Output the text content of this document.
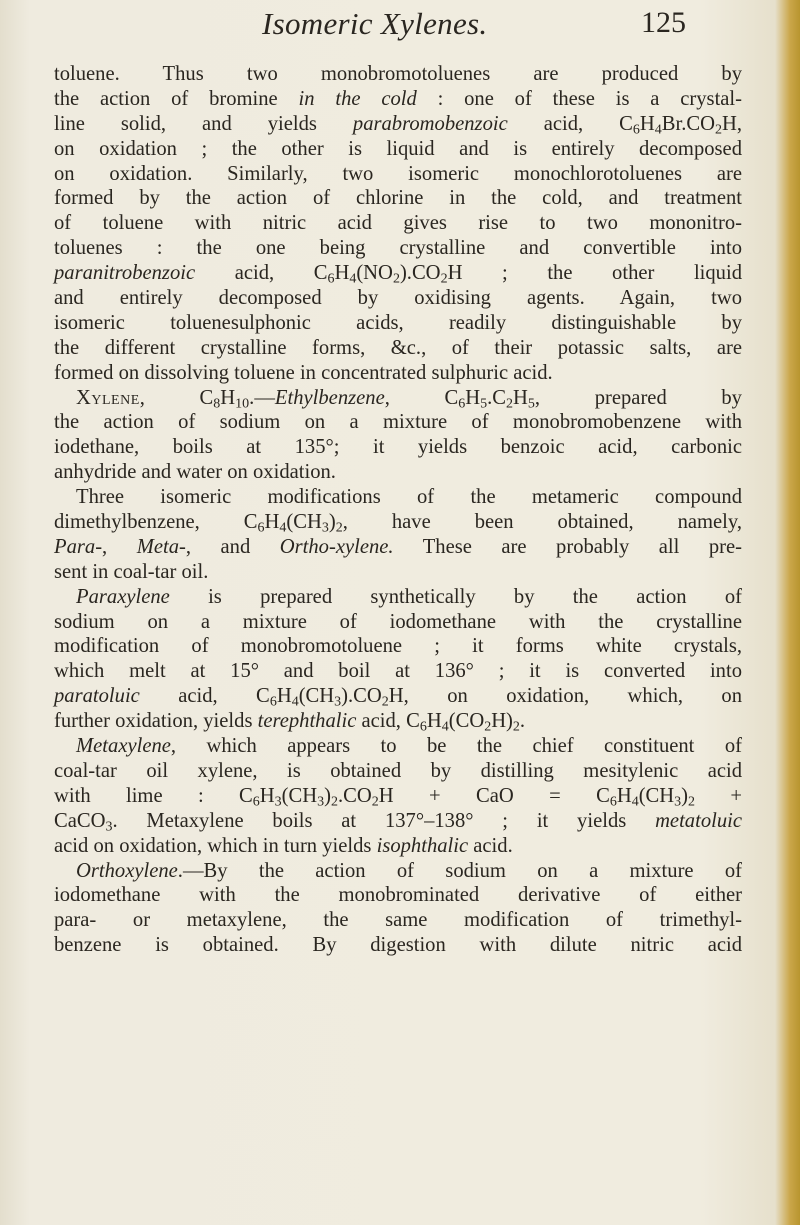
Isomeric Xylenes.	125
toluene. Thus two monobromotoluenes are produced by
the action of bromine in the cold : one of these is a crystal-
line solid, and yields parabromobenzoic acid, $C_6H_4Br.CO_2H$,
on oxidation ; the other is liquid and is entirely decomposed
on oxidation. Similarly, two isomeric monochlorotoluenes are
formed by the action of chlorine in the cold, and treatment
of toluene with nitric acid gives rise to two mononitro-
toluenes : the one being crystalline and convertible into
paranitrobenzoic acid, $C_6H_4(NO_2).CO_2H$ ; the other liquid
and entirely decomposed by oxidising agents. Again, two
isomeric toluenesulphonic acids, readily distinguishable by
the different crystalline forms, &c., of their potassic salts, are
formed on dissolving toluene in concentrated sulphuric acid.
Xylene, $C_8H_{10}.—Ethylbenzene$, $C_6H_5.C_2H_5$, prepared by
the action of sodium on a mixture of monobromobenzene with
iodethane, boils at 135°; it yields benzoic acid, carbonic
anhydride and water on oxidation.
Three isomeric modifications of the metameric compound
dimethylbenzene, $C_6H_4(CH_3)_2$, have been obtained, namely,
Para-, Meta-, and Ortho-xylene. These are probably all pre-
sent in coal-tar oil.
Paraxylene is prepared synthetically by the action of
sodium on a mixture of iodomethane with the crystalline
modification of monobromotoluene ; it forms white crystals,
which melt at 15° and boil at 136° ; it is converted into
paratoluic acid, $C_6H_4(CH_3).CO_2H$, on oxidation, which, on
further oxidation, yields terephthalic acid, $C_6H_4(CO_2H)_2$.
Metaxylene, which appears to be the chief constituent of
coal-tar oil xylene, is obtained by distilling mesitylenic acid
with lime : $C_6H_3(CH_3)_2.CO_2H$ + CaO = $C_6H_4(CH_3)_2$ +
CaCO$_3$. Metaxylene boils at 137°–138° ; it yields metatoluic
acid on oxidation, which in turn yields isophthalic acid.
Orthoxylene.—By the action of sodium on a mixture of
iodomethane with the monobrominated derivative of either
para- or metaxylene, the same modification of trimethyl-
benzene is obtained. By digestion with dilute nitric acid
